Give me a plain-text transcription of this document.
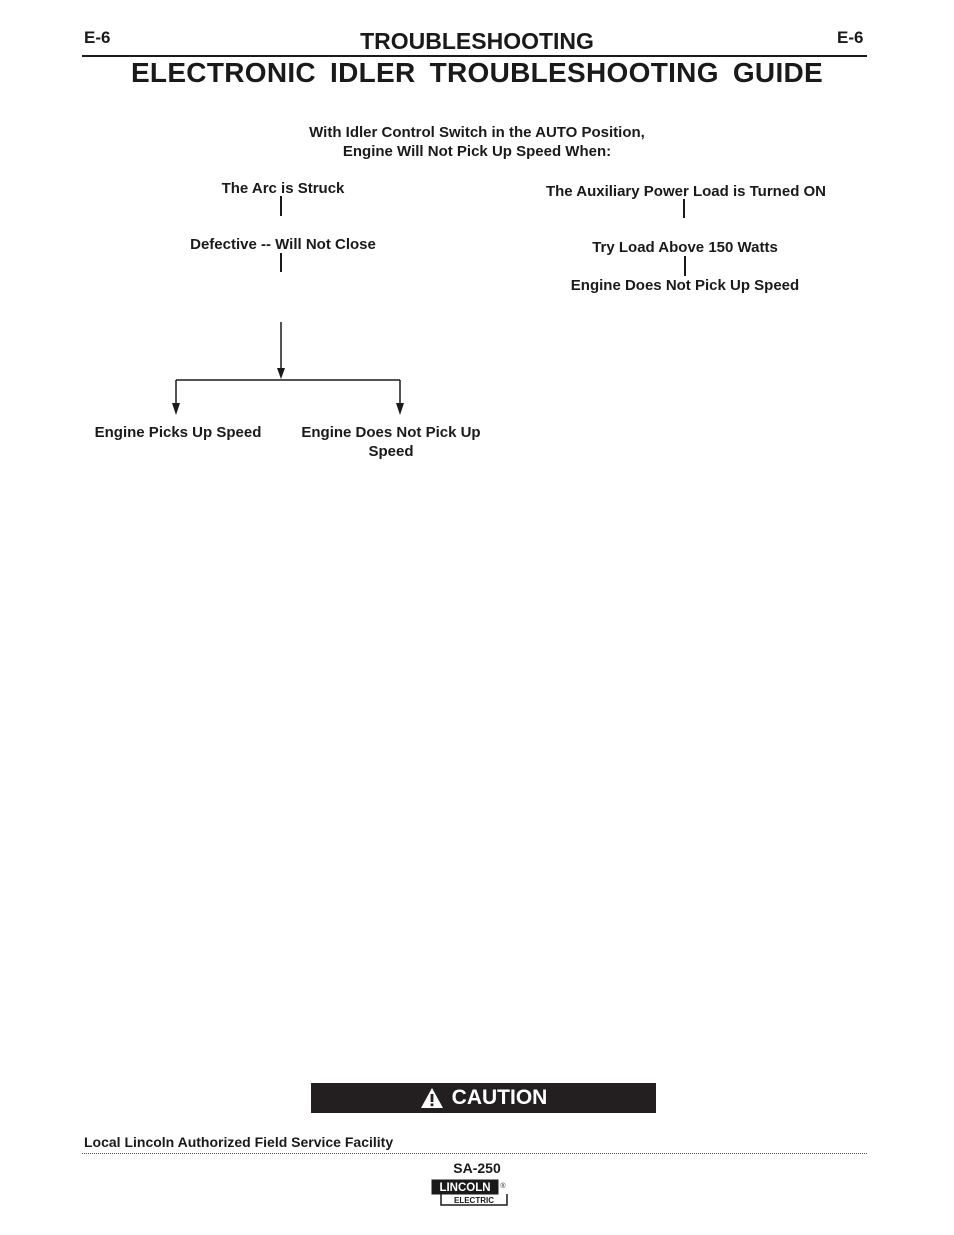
E-6	E-6
TROUBLESHOOTING
ELECTRONIC IDLER TROUBLESHOOTING GUIDE
With Idler Control Switch in the AUTO Position,
Engine Will Not Pick Up Speed When:
The Arc is Struck
Defective -- Will Not Close
Engine Picks Up Speed	Engine Does Not Pick Up Speed
The Auxiliary Power Load is Turned ON
Try Load Above 150 Watts
Engine Does Not Pick Up Speed
CAUTION
Local Lincoln Authorized Field Service Facility
SA-250
LINCOLN ®
ELECTRIC
